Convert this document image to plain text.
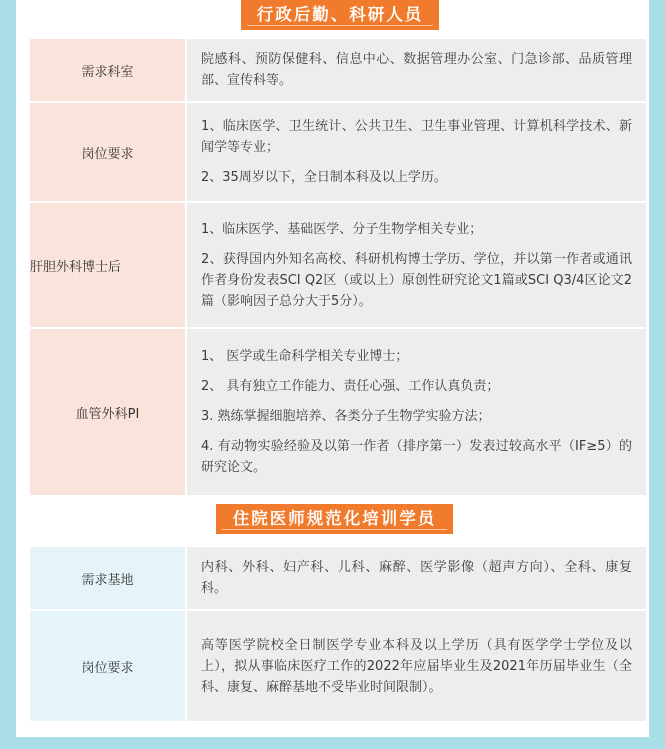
行政后勤、科研人员
需求科室	院感科、预防保健科、信息中心、数据管理办公室、门急诊部、品质管理部、宣传科等。

岗位要求	1、临床医学、卫生统计、公共卫生、卫生事业管理、计算机科学技术、新闻学等专业；

2、35周岁以下，全日制本科及以上学历。

肝胆外科博士后	1、临床医学、基础医学、分子生物学相关专业；

2、获得国内外知名高校、科研机构博士学历、学位，并以第一作者或通讯作者身份发表SCI Q2区（或以上）原创性研究论文1篇或SCI Q3/4区论文2篇（影响因子总分大于5分）。

血管外科PI	1、 医学或生命科学相关专业博士；

2、 具有独立工作能力、责任心强、工作认真负责；

3. 熟练掌握细胞培养、各类分子生物学实验方法；

4. 有动物实验经验及以第一作者（排序第一）发表过较高水平（IF≥5）的研究论文。

住院医师规范化培训学员
需求基地	内科、外科、妇产科、儿科、麻醉、医学影像（超声方向）、全科、康复科。

岗位要求	高等医学院校全日制医学专业本科及以上学历（具有医学学士学位及以上），拟从事临床医疗工作的2022年应届毕业生及2021年历届毕业生（全科、康复、麻醉基地不受毕业时间限制）。
